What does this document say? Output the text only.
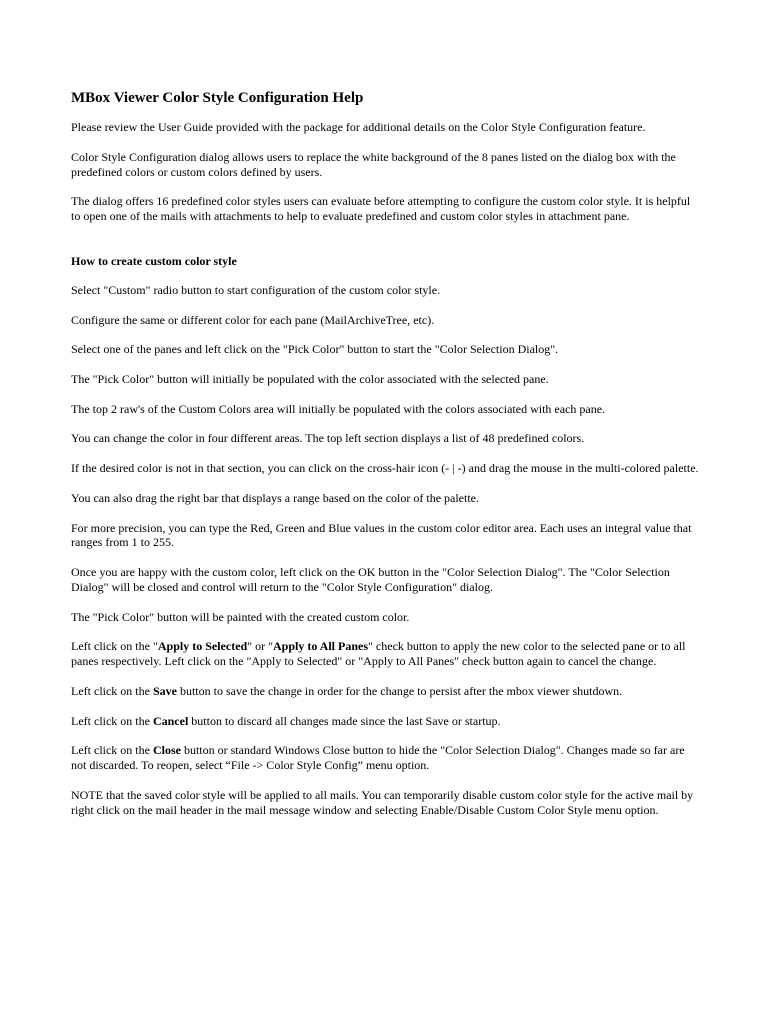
MBox Viewer Color Style Configuration Help

Please review the User Guide provided with the package for additional details on the Color Style Configuration feature.

Color Style Configuration dialog allows users to replace the white background of the 8 panes listed on the dialog box with the predefined colors or custom colors defined by users.

The dialog offers 16 predefined color styles users can evaluate before attempting to configure the custom color style. It is helpful to open one of the mails with attachments to help to evaluate predefined and custom color styles in attachment pane.

How to create custom color style

Select "Custom" radio button to start configuration of the custom color style.

Configure the same or different color for each pane (MailArchiveTree, etc).

Select one of the panes and left click on the "Pick Color" button to start the "Color Selection Dialog".

The "Pick Color" button will initially be populated with the color associated with the selected pane.

The top 2 raw's of the Custom Colors area will initially be populated with the colors associated with each pane.

You can change the color in four different areas. The top left section displays a list of 48 predefined colors.

If the desired color is not in that section, you can click on the cross-hair icon (- | -) and drag the mouse in the multi-colored palette.

You can also drag the right bar that displays a range based on the color of the palette.

For more precision, you can type the Red, Green and Blue values in the custom color editor area. Each uses an integral value that ranges from 1 to 255.

Once you are happy with the custom color, left click on the OK button in the "Color Selection Dialog". The "Color Selection Dialog" will be closed and control will return to the "Color Style Configuration" dialog.

The "Pick Color" button will be painted with the created custom color.

Left click on the "Apply to Selected" or "Apply to All Panes" check button to apply the new color to the selected pane or to all panes respectively. Left click on the "Apply to Selected" or "Apply to All Panes" check button again to cancel the change.

Left click on the Save button to save the change in order for the change to persist after the mbox viewer shutdown.

Left click on the Cancel button to discard all changes made since the last Save or startup.

Left click on the Close button or standard Windows Close button to hide the "Color Selection Dialog". Changes made so far are not discarded. To reopen, select “File -> Color Style Config” menu option.

NOTE that the saved color style will be applied to all mails. You can temporarily disable custom color style for the active mail by right click on the mail header in the mail message window and selecting Enable/Disable Custom Color Style menu option.
